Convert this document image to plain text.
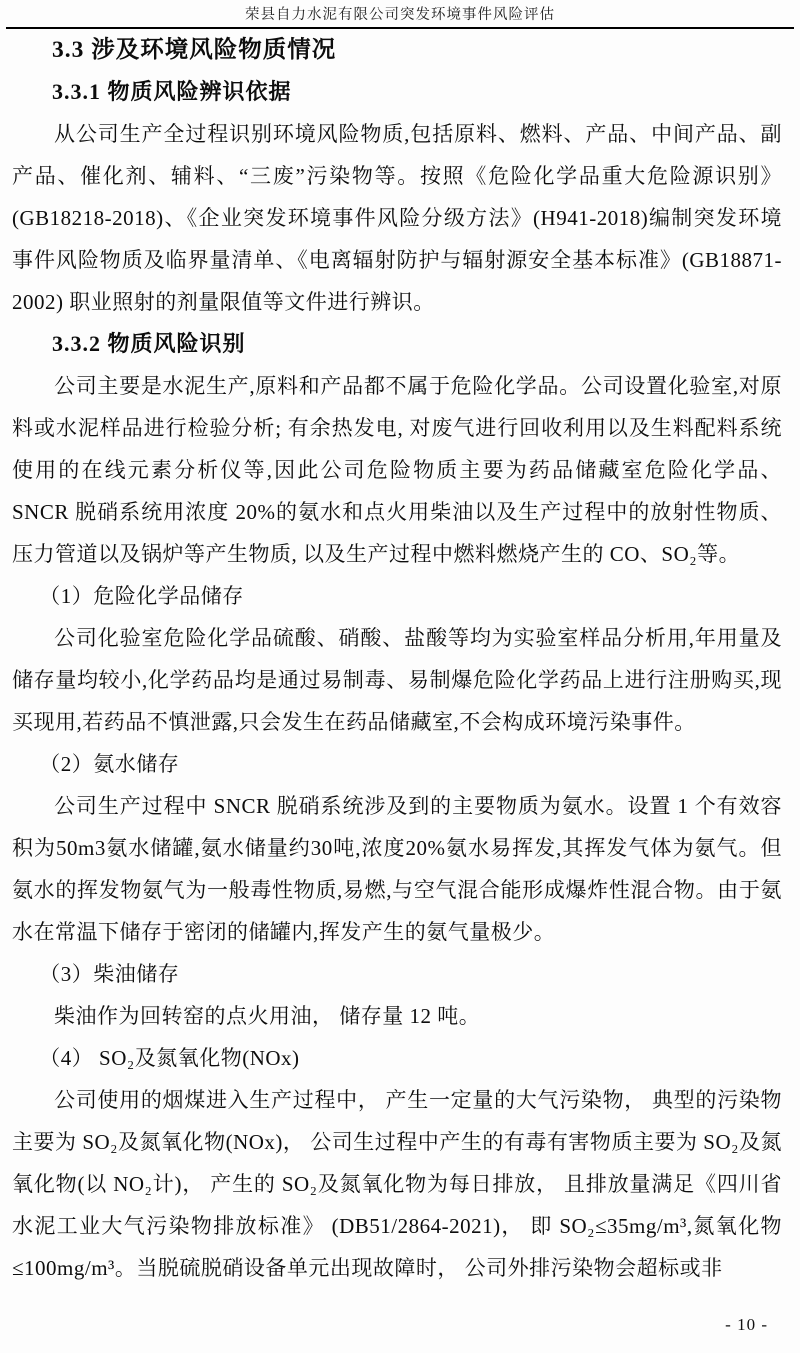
荣县自力水泥有限公司突发环境事件风险评估
3.3 涉及环境风险物质情况
3.3.1 物质风险辨识依据
从公司生产全过程识别环境风险物质,包括原料、燃料、产品、中间产品、副产品、催化剂、辅料、“三废”污染物等。按照《危险化学品重大危险源识别》(GB18218-2018)、《企业突发环境事件风险分级方法》(H941-2018)编制突发环境事件风险物质及临界量清单、《电离辐射防护与辐射源安全基本标准》(GB18871-2002) 职业照射的剂量限值等文件进行辨识。
3.3.2 物质风险识别
公司主要是水泥生产,原料和产品都不属于危险化学品。公司设置化验室,对原料或水泥样品进行检验分析; 有余热发电, 对废气进行回收利用以及生料配料系统使用的在线元素分析仪等,因此公司危险物质主要为药品储藏室危险化学品、SNCR 脱硝系统用浓度 20%的氨水和点火用柴油以及生产过程中的放射性物质、压力管道以及锅炉等产生物质, 以及生产过程中燃料燃烧产生的 CO、SO₂等。
（1）危险化学品储存
公司化验室危险化学品硫酸、硝酸、盐酸等均为实验室样品分析用,年用量及储存量均较小,化学药品均是通过易制毒、易制爆危险化学药品上进行注册购买,现买现用,若药品不慎泄露,只会发生在药品储藏室,不会构成环境污染事件。
（2）氨水储存
公司生产过程中 SNCR 脱硝系统涉及到的主要物质为氨水。设置 1 个有效容积为50m3氨水储罐,氨水储量约30吨,浓度20%氨水易挥发,其挥发气体为氨气。但氨水的挥发物氨气为一般毒性物质,易燃,与空气混合能形成爆炸性混合物。由于氨水在常温下储存于密闭的储罐内,挥发产生的氨气量极少。
（3）柴油储存
柴油作为回转窑的点火用油， 储存量 12 吨。
（4） SO₂及氮氧化物(NOx)
公司使用的烟煤进入生产过程中， 产生一定量的大气污染物， 典型的污染物主要为 SO₂及氮氧化物(NOx)， 公司生过程中产生的有毒有害物质主要为 SO₂及氮氧化物(以 NO₂计)， 产生的 SO₂及氮氧化物为每日排放， 且排放量满足《四川省水泥工业大气污染物排放标准》 (DB51/2864-2021)， 即 SO₂≤35mg/m³,氮氧化物≤100mg/m³。当脱硫脱硝设备单元出现故障时， 公司外排污染物会超标或非
- 10 -
